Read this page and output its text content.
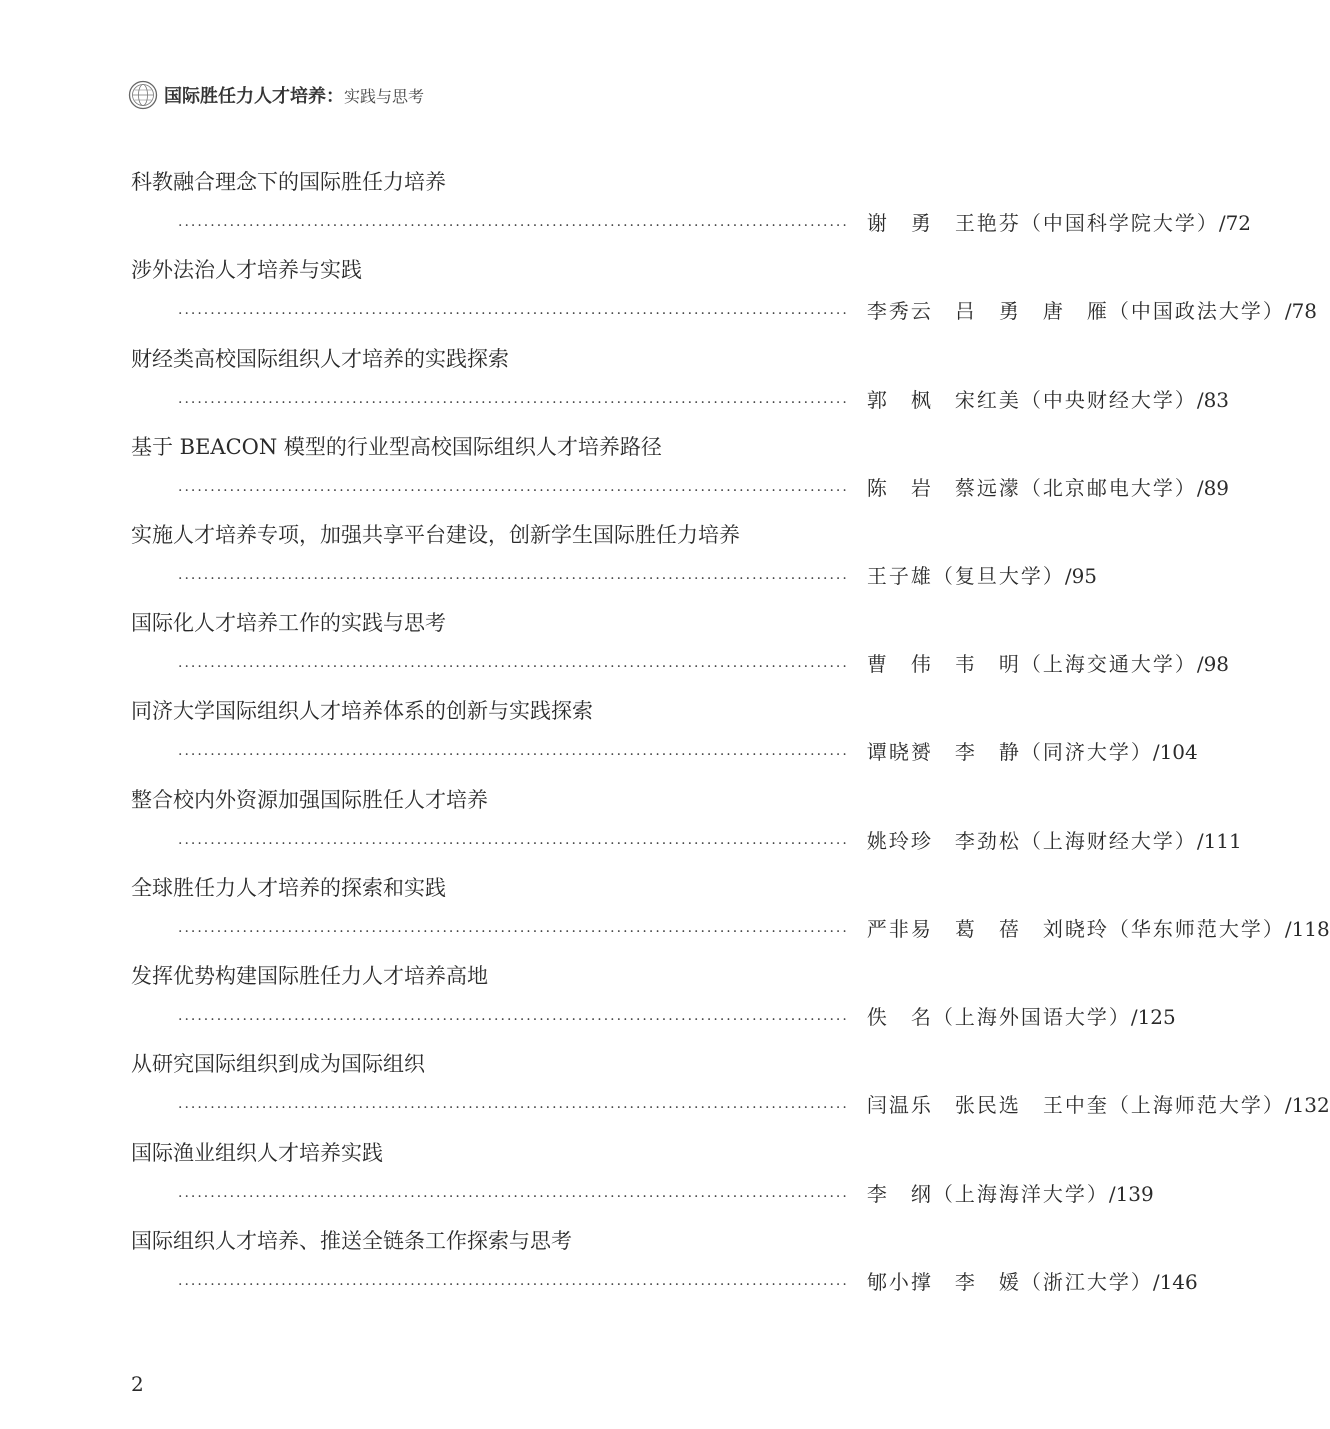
国际胜任力人才培养： 实践与思考
科教融合理念下的国际胜任力培养
········································································································ 谢　勇　王艳芬（中国科学院大学） /72
涉外法治人才培养与实践
········································································································ 李秀云　吕　勇　唐　雁（中国政法大学） /78
财经类高校国际组织人才培养的实践探索
········································································································ 郭　枫　宋红美（中央财经大学） /83
基于 BEACON 模型的行业型高校国际组织人才培养路径
········································································································ 陈　岩　蔡远濛（北京邮电大学） /89
实施人才培养专项，加强共享平台建设，创新学生国际胜任力培养
········································································································ 王子雄（复旦大学） /95
国际化人才培养工作的实践与思考
········································································································ 曹　伟　韦　明（上海交通大学） /98
同济大学国际组织人才培养体系的创新与实践探索
········································································································ 谭晓赟　李　静（同济大学） /104
整合校内外资源加强国际胜任人才培养
········································································································ 姚玲珍　李劲松（上海财经大学） /111
全球胜任力人才培养的探索和实践
········································································································ 严非易　葛　蓓　刘晓玲（华东师范大学） /118
发挥优势构建国际胜任力人才培养高地
········································································································ 佚　名（上海外国语大学） /125
从研究国际组织到成为国际组织
········································································································ 闫温乐　张民选　王中奎（上海师范大学） /132
国际渔业组织人才培养实践
········································································································ 李　纲（上海海洋大学） /139
国际组织人才培养、推送全链条工作探索与思考
········································································································ 郇小撑　李　媛（浙江大学） /146
2
